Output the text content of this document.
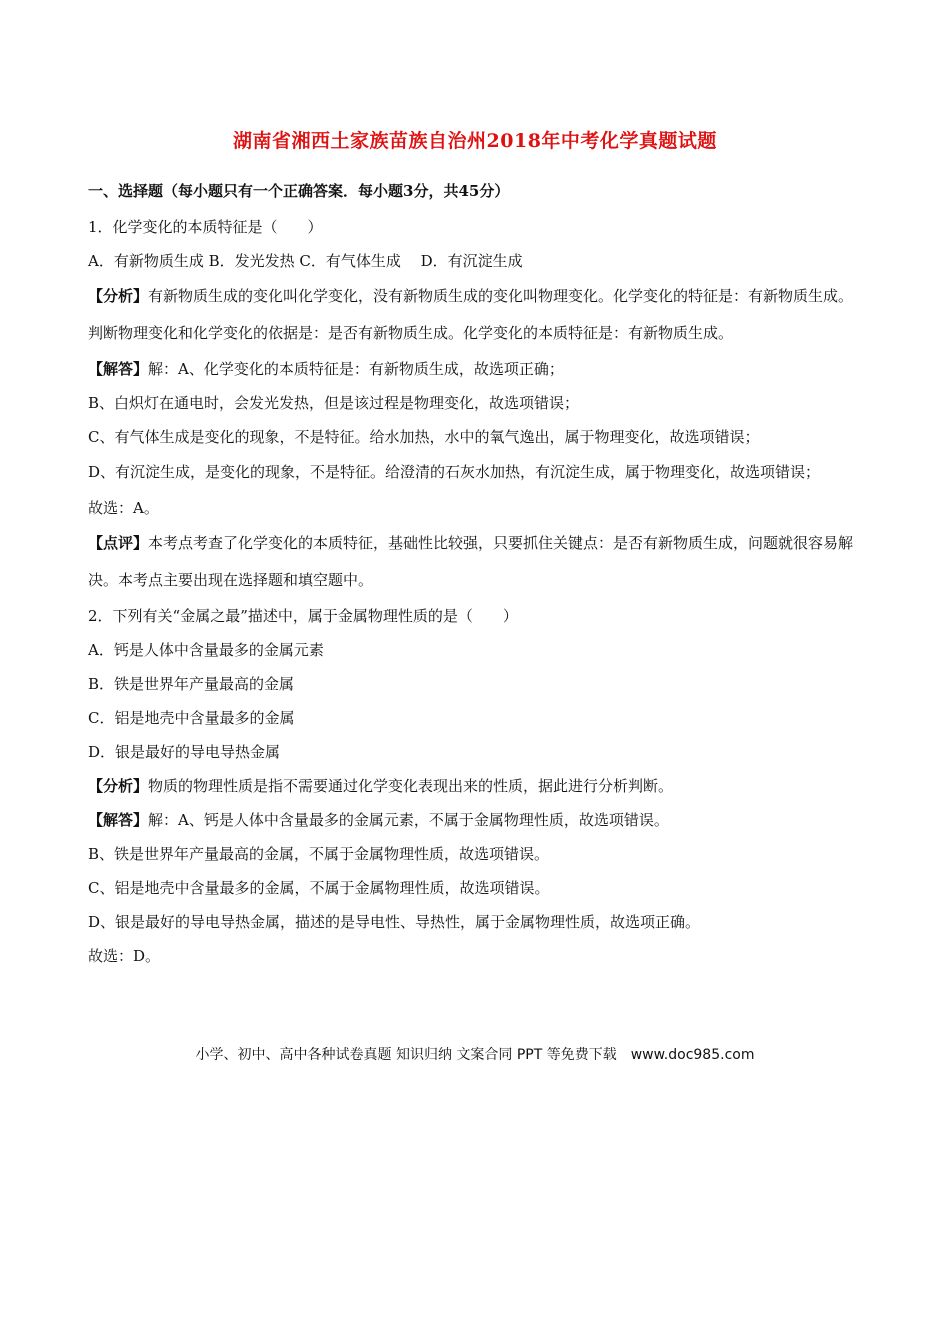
湖南省湘西土家族苗族自治州2018年中考化学真题试题
一、选择题（每小题只有一个正确答案．每小题3分，共45分）
1．化学变化的本质特征是（　　）
A．有新物质生成 B．发光发热 C．有气体生成　 D．有沉淀生成
【分析】有新物质生成的变化叫化学变化，没有新物质生成的变化叫物理变化。化学变化的特征是：有新物质生成。判断物理变化和化学变化的依据是：是否有新物质生成。化学变化的本质特征是：有新物质生成。
【解答】解：A、化学变化的本质特征是：有新物质生成，故选项正确；
B、白炽灯在通电时，会发光发热，但是该过程是物理变化，故选项错误；
C、有气体生成是变化的现象，不是特征。给水加热，水中的氧气逸出，属于物理变化，故选项错误；
D、有沉淀生成，是变化的现象，不是特征。给澄清的石灰水加热，有沉淀生成，属于物理变化，故选项错误；
故选：A。
【点评】本考点考查了化学变化的本质特征，基础性比较强，只要抓住关键点：是否有新物质生成，问题就很容易解决。本考点主要出现在选择题和填空题中。
2．下列有关“金属之最”描述中，属于金属物理性质的是（　　）
A．钙是人体中含量最多的金属元素
B．铁是世界年产量最高的金属
C．铝是地壳中含量最多的金属
D．银是最好的导电导热金属
【分析】物质的物理性质是指不需要通过化学变化表现出来的性质，据此进行分析判断。
【解答】解：A、钙是人体中含量最多的金属元素，不属于金属物理性质，故选项错误。
B、铁是世界年产量最高的金属，不属于金属物理性质，故选项错误。
C、铝是地壳中含量最多的金属，不属于金属物理性质，故选项错误。
D、银是最好的导电导热金属，描述的是导电性、导热性，属于金属物理性质，故选项正确。
故选：D。
小学、初中、高中各种试卷真题 知识归纳 文案合同 PPT 等免费下载　www.doc985.com
